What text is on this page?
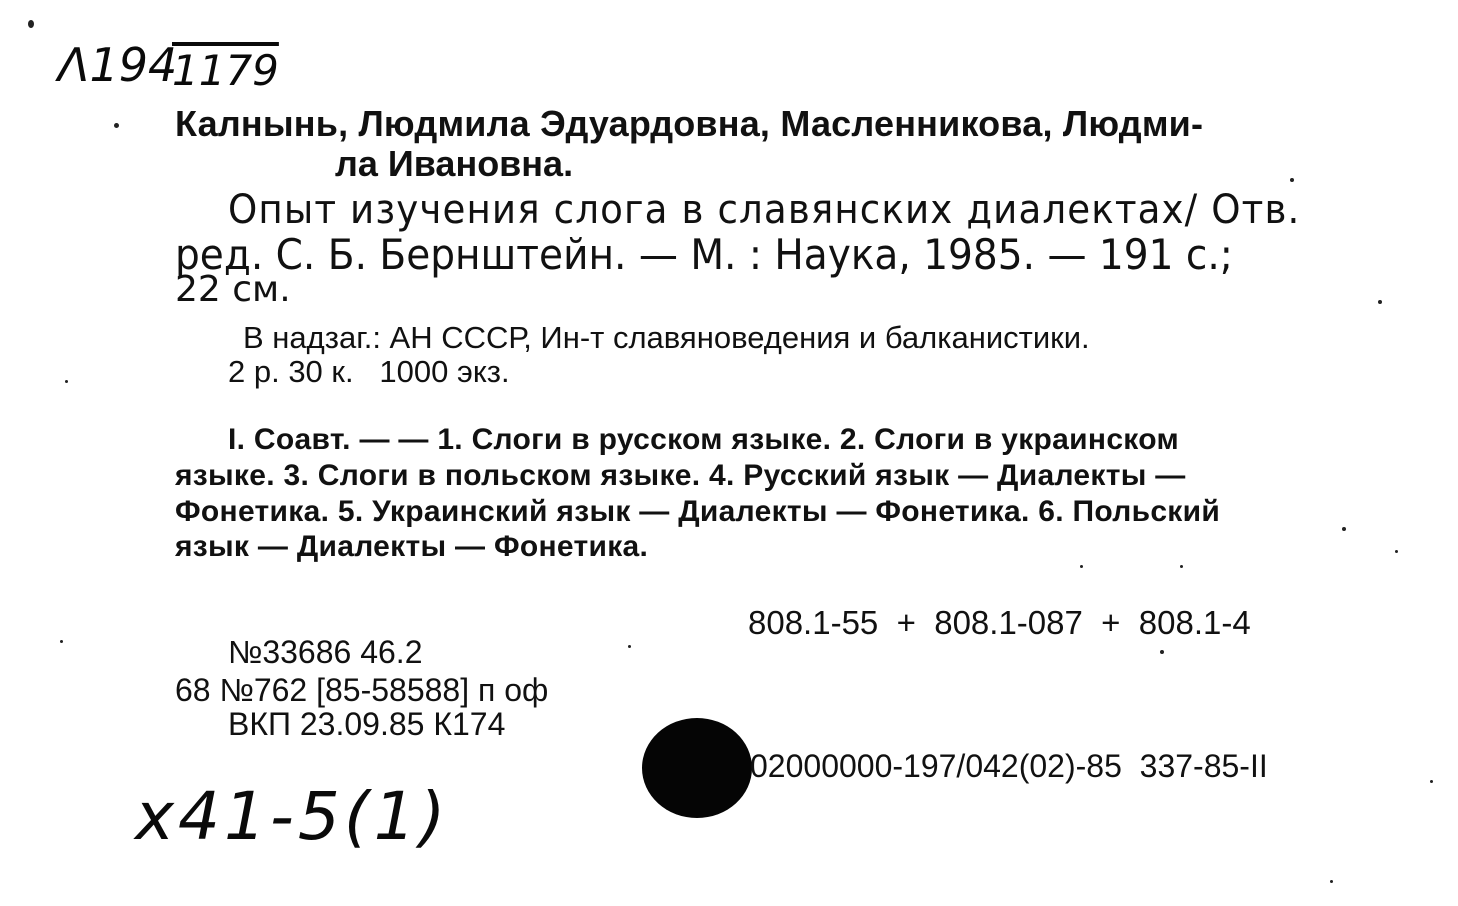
Λ194
1179
Калнынь, Людмила Эдуардовна, Масленникова, Людми-
ла Ивановна.
Опыт изучения слога в славянских диалектах/ Отв.
ред. С. Б. Бернштейн. — М. : Наука, 1985. — 191 с.;
22 см.
В надзаг.: АН СССР, Ин-т славяноведения и балканистики.
2 р. 30 к.   1000 экз.
I. Соавт. — — 1. Слоги в русском языке. 2. Слоги в украинском
языке. 3. Слоги в польском языке. 4. Русский язык — Диалекты —
Фонетика. 5. Украинский язык — Диалекты — Фонетика. 6. Польский
язык — Диалекты — Фонетика.
808.1-55  +  808.1-087  +  808.1-4
№33686 46.2
68 №762 [85-58588] п оф
ВКП 23.09.85 К174
02000000-197/042(02)-85  337-85-II
x41-5(1)
